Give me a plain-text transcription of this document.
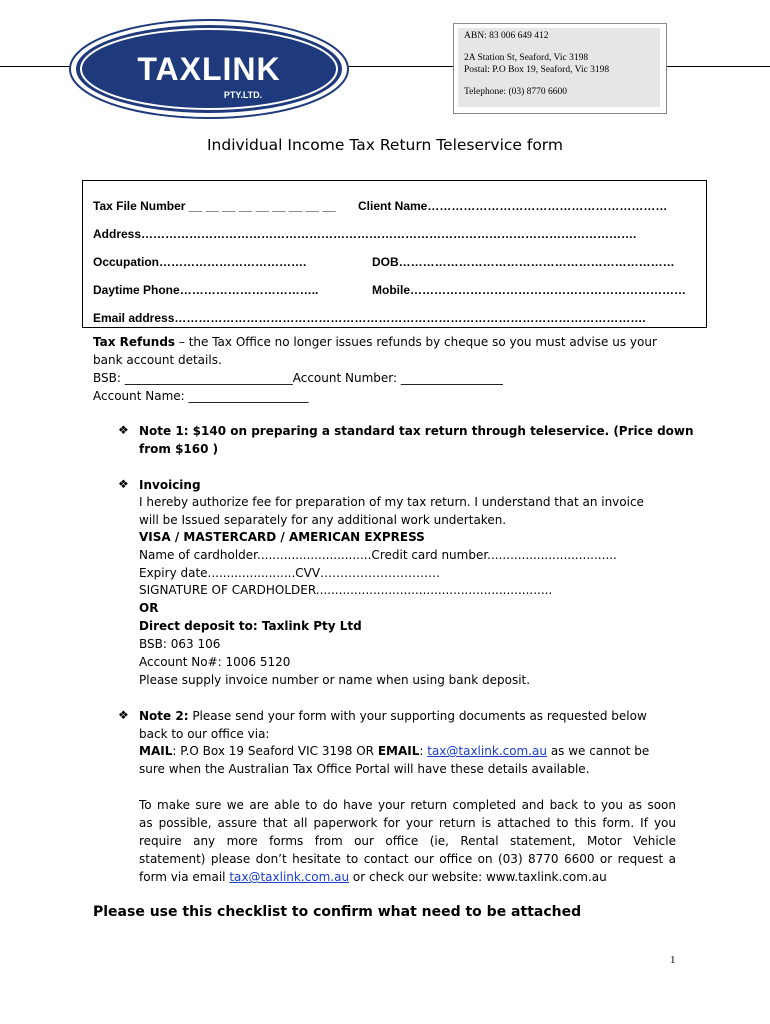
TAXLINK
PTY.LTD.
ABN: 83 006 649 412
2A Station St, Seaford, Vic 3198
Postal: P.O Box 19, Seaford, Vic 3198
Telephone: (03) 8770 6600
Individual Income Tax Return Teleservice form
Tax File Number __ __ __ __ __ __ __ __ __ Client Name……………………………………………………
Address…………………………………………………………………………………………………………….
Occupation……………………………….	DOB……………………………………………………………
Daytime Phone……………………………..	Mobile……………………………………………………………
Email address……………………………………………………………………………………………………….
Tax Refunds – the Tax Office no longer issues refunds by cheque so you must advise us your
bank account details.
BSB: ____________________________Account Number: _________________
Account Name: ____________________
❖ Note 1: $140 on preparing a standard tax return through teleservice. (Price down
from $160 )
❖ Invoicing
I hereby authorize fee for preparation of my tax return. I understand that an invoice
will be Issued separately for any additional work undertaken.
VISA / MASTERCARD / AMERICAN EXPRESS
Name of cardholder..............................Credit card number..................................
Expiry date.......................CVV…………………………
SIGNATURE OF CARDHOLDER..............................................................
OR
Direct deposit to: Taxlink Pty Ltd
BSB: 063 106
Account No#: 1006 5120
Please supply invoice number or name when using bank deposit.
❖ Note 2: Please send your form with your supporting documents as requested below
back to our office via:
MAIL: P.O Box 19 Seaford VIC 3198 OR EMAIL: tax@taxlink.com.au as we cannot be
sure when the Australian Tax Office Portal will have these details available.
To make sure we are able to do have your return completed and back to you as soon
as possible, assure that all paperwork for your return is attached to this form. If you
require any more forms from our office (ie, Rental statement, Motor Vehicle
statement) please don’t hesitate to contact our office on (03) 8770 6600 or request a
form via email tax@taxlink.com.au or check our website: www.taxlink.com.au
Please use this checklist to confirm what need to be attached
1
